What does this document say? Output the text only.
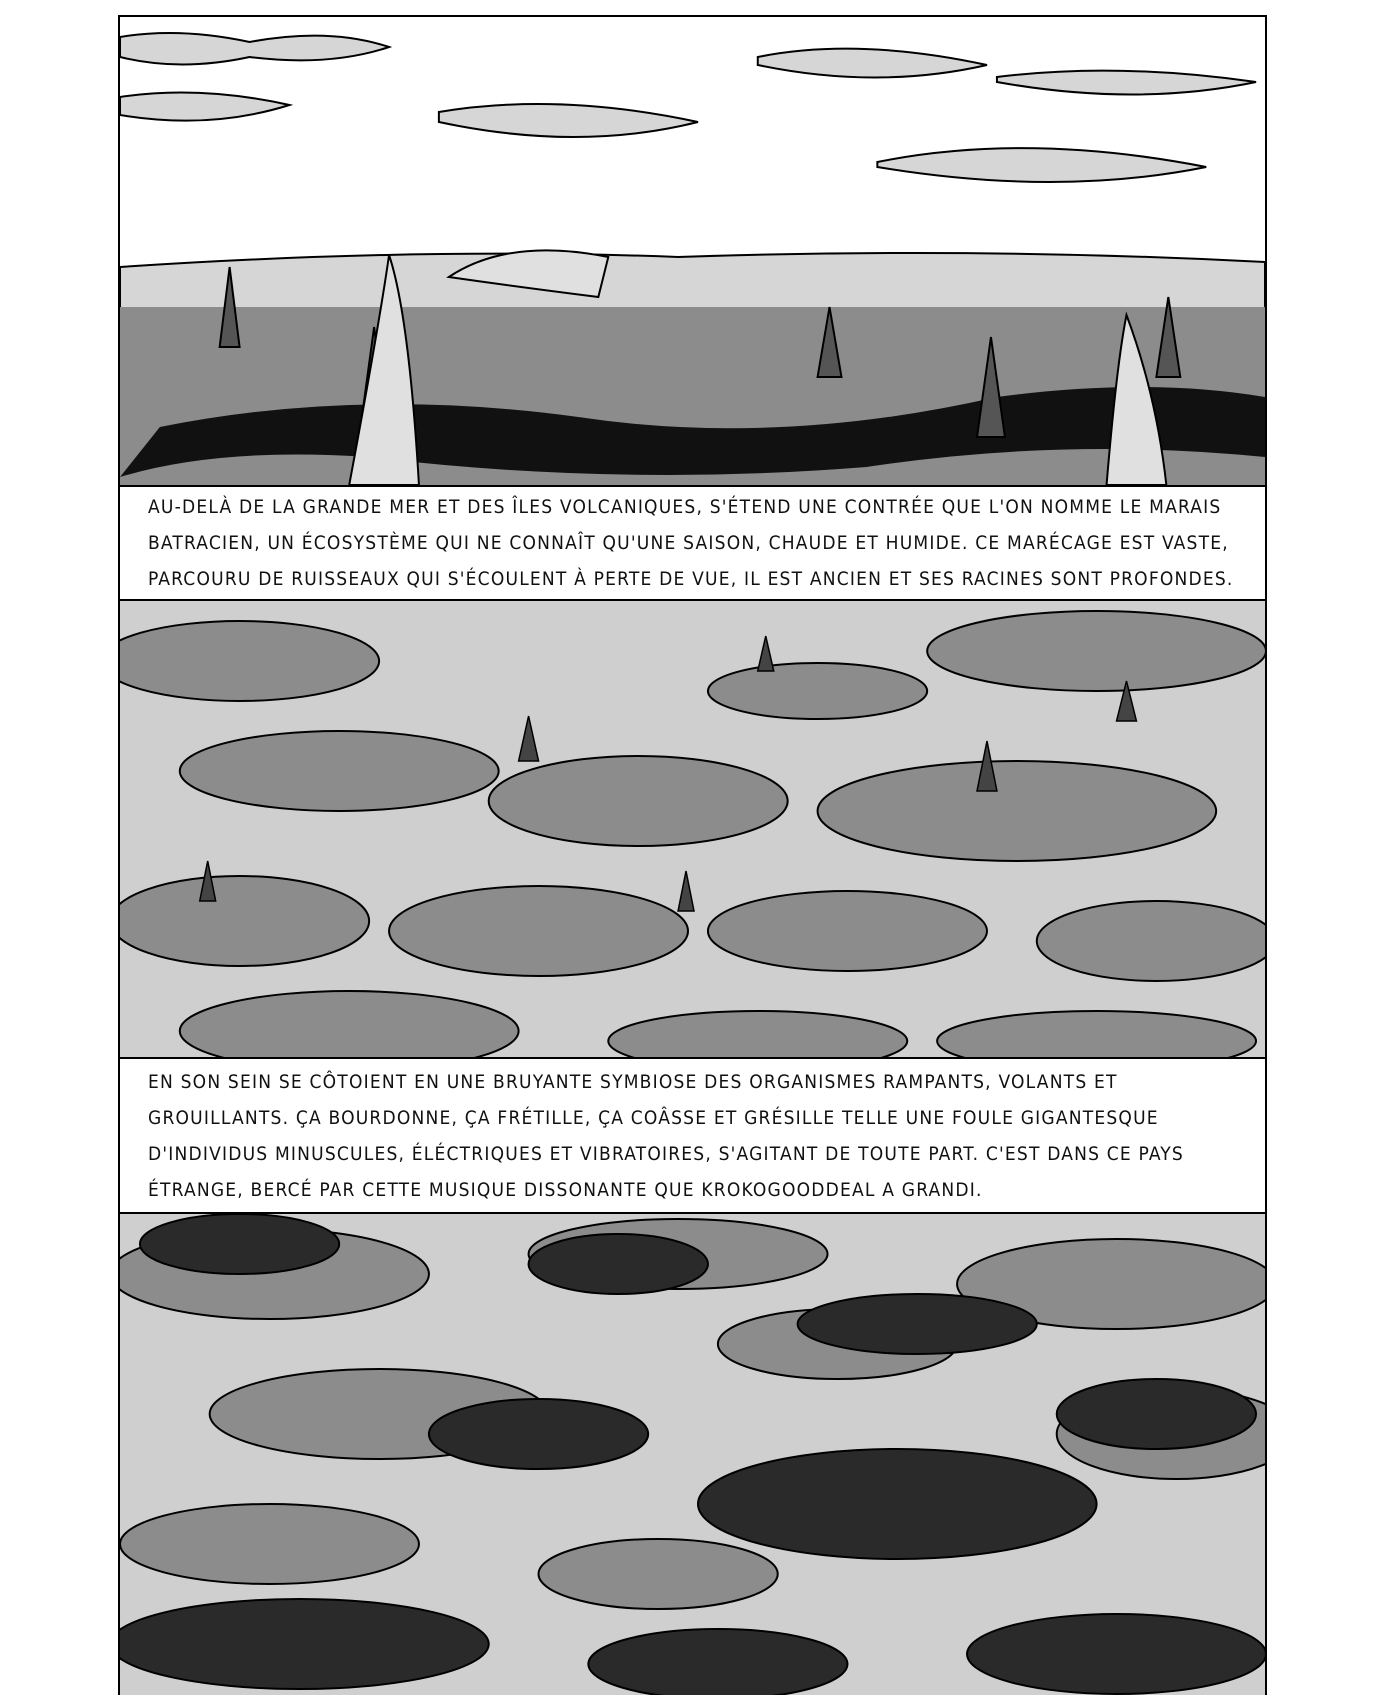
AU-DELÀ DE LA GRANDE MER ET DES ÎLES VOLCANIQUES, S'ÉTEND UNE CONTRÉE QUE L'ON NOMME LE MARAIS BATRACIEN, UN ÉCOSYSTÈME QUI NE CONNAÎT QU'UNE SAISON, CHAUDE ET HUMIDE. CE MARÉCAGE EST VASTE, PARCOURU DE RUISSEAUX QUI S'ÉCOULENT À PERTE DE VUE, IL EST ANCIEN ET SES RACINES SONT PROFONDES.

EN SON SEIN SE CÔTOIENT EN UNE BRUYANTE SYMBIOSE DES ORGANISMES RAMPANTS, VOLANTS ET GROUILLANTS. ÇA BOURDONNE, ÇA FRÉTILLE, ÇA COÂSSE ET GRÉSILLE TELLE UNE FOULE GIGANTESQUE D'INDIVIDUS MINUSCULES, ÉLÉCTRIQUES ET VIBRATOIRES, S'AGITANT DE TOUTE PART. C'EST DANS CE PAYS ÉTRANGE, BERCÉ PAR CETTE MUSIQUE DISSONANTE QUE KROKOGOODDEAL A GRANDI.
